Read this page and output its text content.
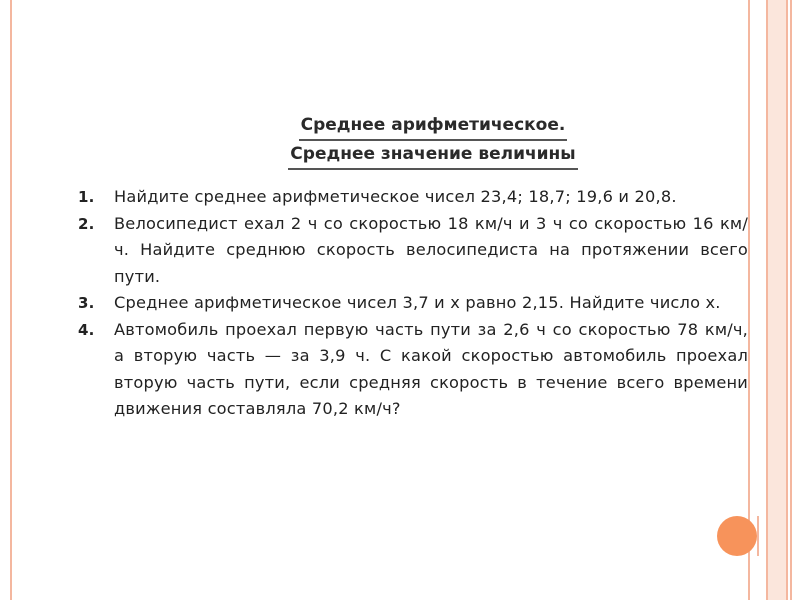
Среднее арифметическое.
Среднее значение величины
1.	Найдите среднее арифметическое чисел 23,4; 18,7; 19,6 и 20,8.
2.	Велосипедист ехал 2 ч со скоростью 18 км/ч и 3 ч со скоростью 16 км/ч. Найдите среднюю скорость велосипедиста на протяжении всего пути.
3.	Среднее арифметическое чисел 3,7 и x равно 2,15. Найдите число x.
4.	Автомобиль проехал первую часть пути за 2,6 ч со скоростью 78 км/ч, а вторую часть — за 3,9 ч. С какой скоростью автомобиль проехал вторую часть пути, если средняя скорость в течение всего времени движения составляла 70,2 км/ч?
